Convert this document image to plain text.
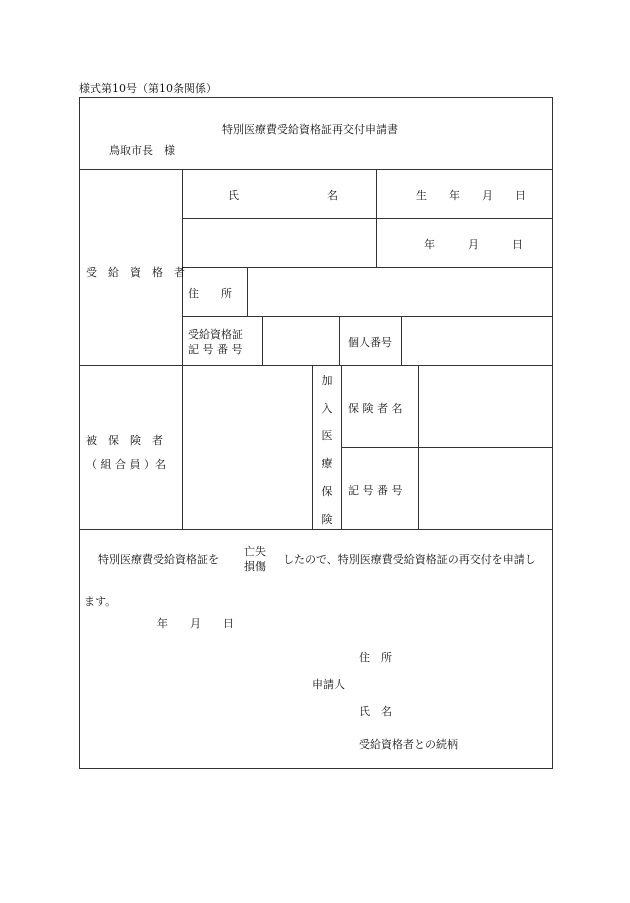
様式第10号（第10条関係）
特別医療費受給資格証再交付申請書
鳥取市長　様
受　給　資　格　者
氏　　　　　　　　名	生　　年　　月　　日
年　　　月　　　日
住　　所
受給資格証
記 号 番 号
個人番号
被　保　険　者
（ 組 合 員 ）名
加
入
医
療
保
険
保 険 者 名
記 号 番 号
特別医療費受給資格証を
亡失
損傷
したので、特別医療費受給資格証の再交付を申請し
ます。
年　　月　　日
住　所
申請人
氏　名
受給資格者との続柄
